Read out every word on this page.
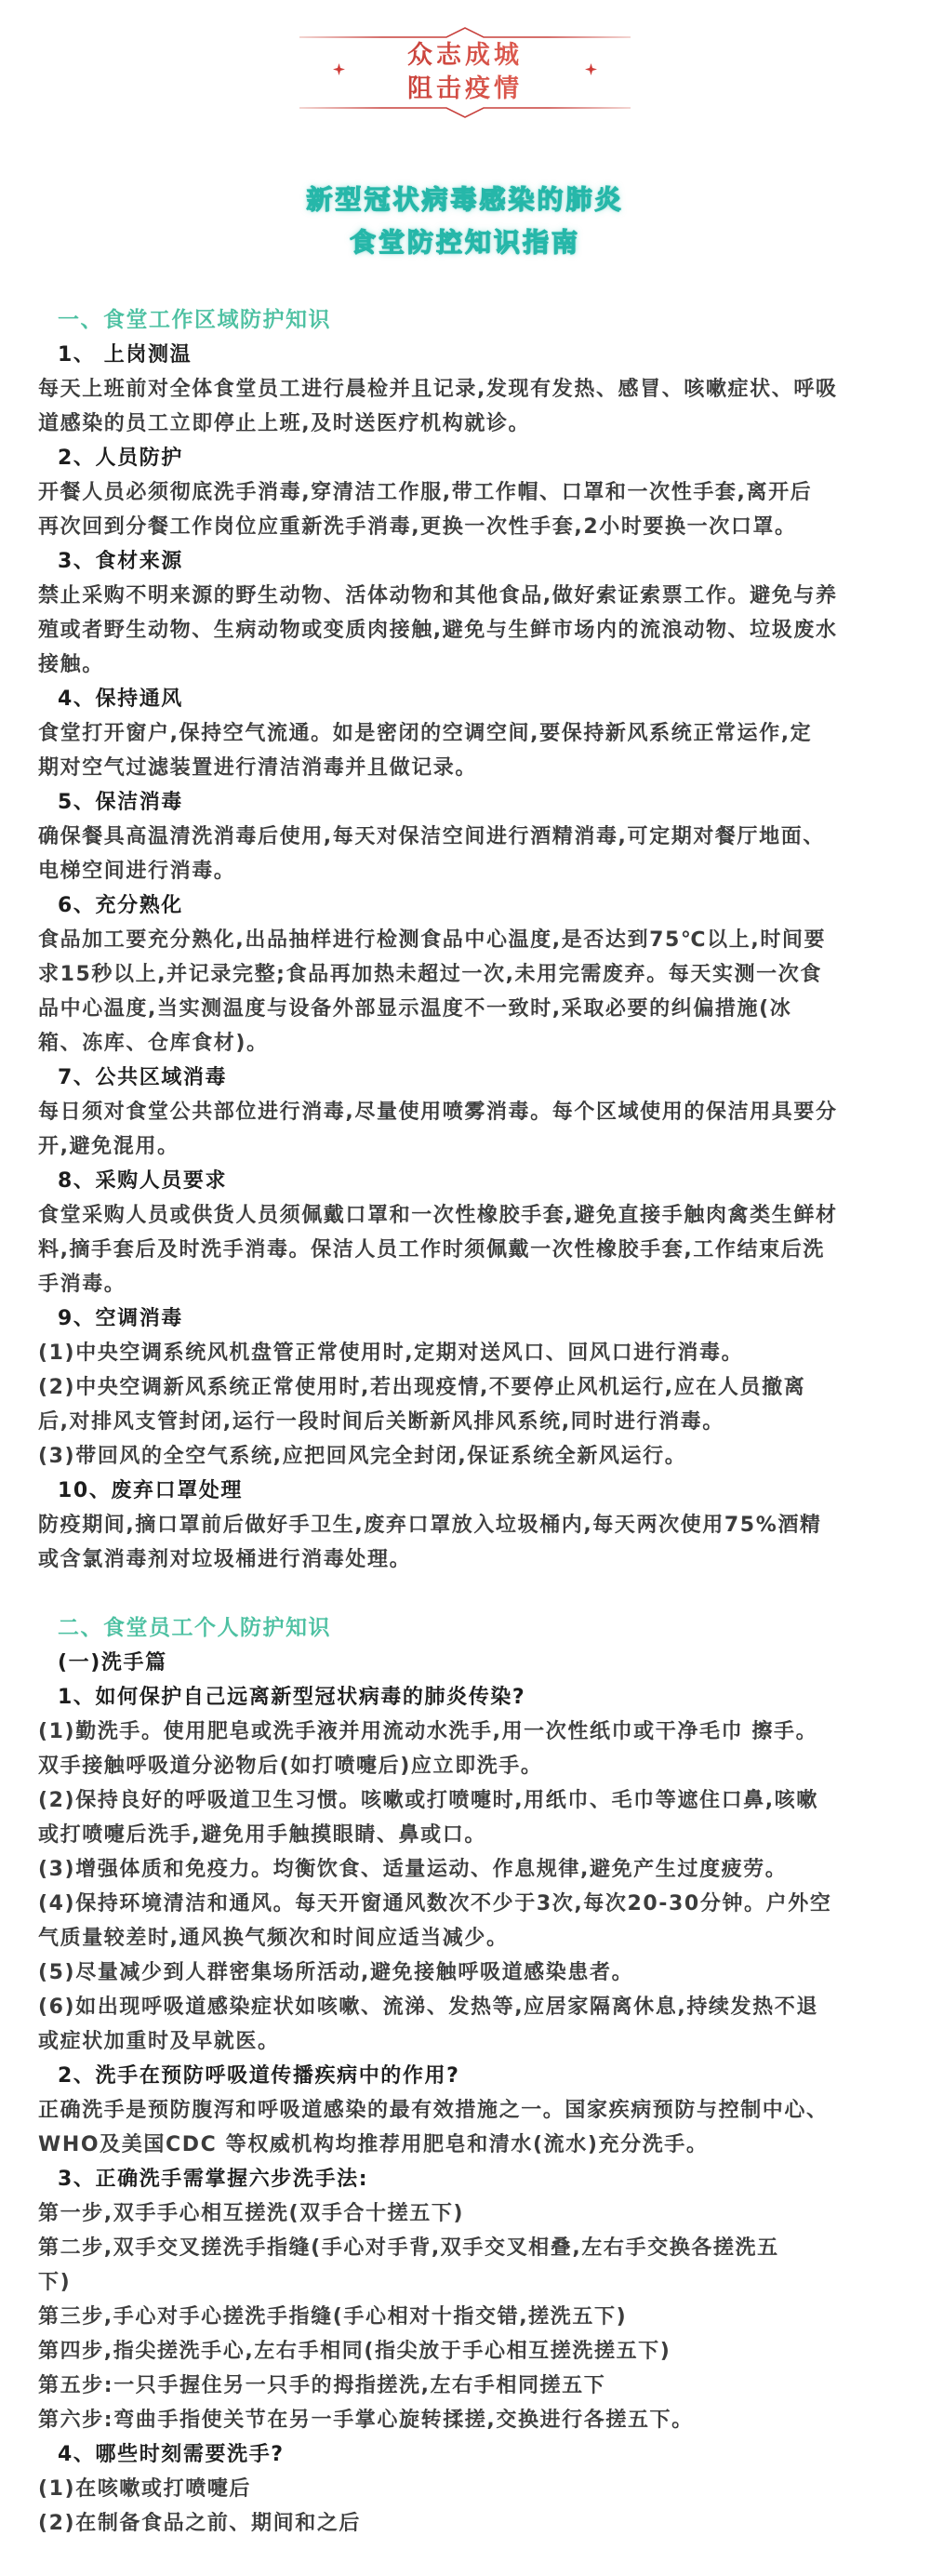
众志成城
阻击疫情
新型冠状病毒感染的肺炎
食堂防控知识指南
一、食堂工作区域防护知识
1、 上岗测温
每天上班前对全体食堂员工进行晨检并且记录,发现有发热、感冒、咳嗽症状、呼吸
道感染的员工立即停止上班,及时送医疗机构就诊。
2、人员防护
开餐人员必须彻底洗手消毒,穿清洁工作服,带工作帽、口罩和一次性手套,离开后
再次回到分餐工作岗位应重新洗手消毒,更换一次性手套,2小时要换一次口罩。
3、食材来源
禁止采购不明来源的野生动物、活体动物和其他食品,做好索证索票工作。避免与养
殖或者野生动物、生病动物或变质肉接触,避免与生鲜市场内的流浪动物、垃圾废水
接触。
4、保持通风
食堂打开窗户,保持空气流通。如是密闭的空调空间,要保持新风系统正常运作,定
期对空气过滤装置进行清洁消毒并且做记录。
5、保洁消毒
确保餐具高温清洗消毒后使用,每天对保洁空间进行酒精消毒,可定期对餐厅地面、
电梯空间进行消毒。
6、充分熟化
食品加工要充分熟化,出品抽样进行检测食品中心温度,是否达到75℃以上,时间要
求15秒以上,并记录完整;食品再加热未超过一次,未用完需废弃。每天实测一次食
品中心温度,当实测温度与设备外部显示温度不一致时,采取必要的纠偏措施(冰
箱、冻库、仓库食材)。
7、公共区域消毒
每日须对食堂公共部位进行消毒,尽量使用喷雾消毒。每个区域使用的保洁用具要分
开,避免混用。
8、采购人员要求
食堂采购人员或供货人员须佩戴口罩和一次性橡胶手套,避免直接手触肉禽类生鲜材
料,摘手套后及时洗手消毒。保洁人员工作时须佩戴一次性橡胶手套,工作结束后洗
手消毒。
9、空调消毒
(1)中央空调系统风机盘管正常使用时,定期对送风口、回风口进行消毒。
(2)中央空调新风系统正常使用时,若出现疫情,不要停止风机运行,应在人员撤离
后,对排风支管封闭,运行一段时间后关断新风排风系统,同时进行消毒。
(3)带回风的全空气系统,应把回风完全封闭,保证系统全新风运行。
10、废弃口罩处理
防疫期间,摘口罩前后做好手卫生,废弃口罩放入垃圾桶内,每天两次使用75%酒精
或含氯消毒剂对垃圾桶进行消毒处理。
二、食堂员工个人防护知识
(一)洗手篇
1、如何保护自己远离新型冠状病毒的肺炎传染?
(1)勤洗手。使用肥皂或洗手液并用流动水洗手,用一次性纸巾或干净毛巾 擦手。
双手接触呼吸道分泌物后(如打喷嚏后)应立即洗手。
(2)保持良好的呼吸道卫生习惯。咳嗽或打喷嚏时,用纸巾、毛巾等遮住口鼻,咳嗽
或打喷嚏后洗手,避免用手触摸眼睛、鼻或口。
(3)增强体质和免疫力。均衡饮食、适量运动、作息规律,避免产生过度疲劳。
(4)保持环境清洁和通风。每天开窗通风数次不少于3次,每次20-30分钟。户外空
气质量较差时,通风换气频次和时间应适当减少。
(5)尽量减少到人群密集场所活动,避免接触呼吸道感染患者。
(6)如出现呼吸道感染症状如咳嗽、流涕、发热等,应居家隔离休息,持续发热不退
或症状加重时及早就医。
2、洗手在预防呼吸道传播疾病中的作用?
正确洗手是预防腹泻和呼吸道感染的最有效措施之一。国家疾病预防与控制中心、
WHO及美国CDC 等权威机构均推荐用肥皂和清水(流水)充分洗手。
3、正确洗手需掌握六步洗手法:
第一步,双手手心相互搓洗(双手合十搓五下)
第二步,双手交叉搓洗手指缝(手心对手背,双手交叉相叠,左右手交换各搓洗五
下)
第三步,手心对手心搓洗手指缝(手心相对十指交错,搓洗五下)
第四步,指尖搓洗手心,左右手相同(指尖放于手心相互搓洗搓五下)
第五步:一只手握住另一只手的拇指搓洗,左右手相同搓五下
第六步:弯曲手指使关节在另一手掌心旋转揉搓,交换进行各搓五下。
4、哪些时刻需要洗手?
(1)在咳嗽或打喷嚏后
(2)在制备食品之前、期间和之后
